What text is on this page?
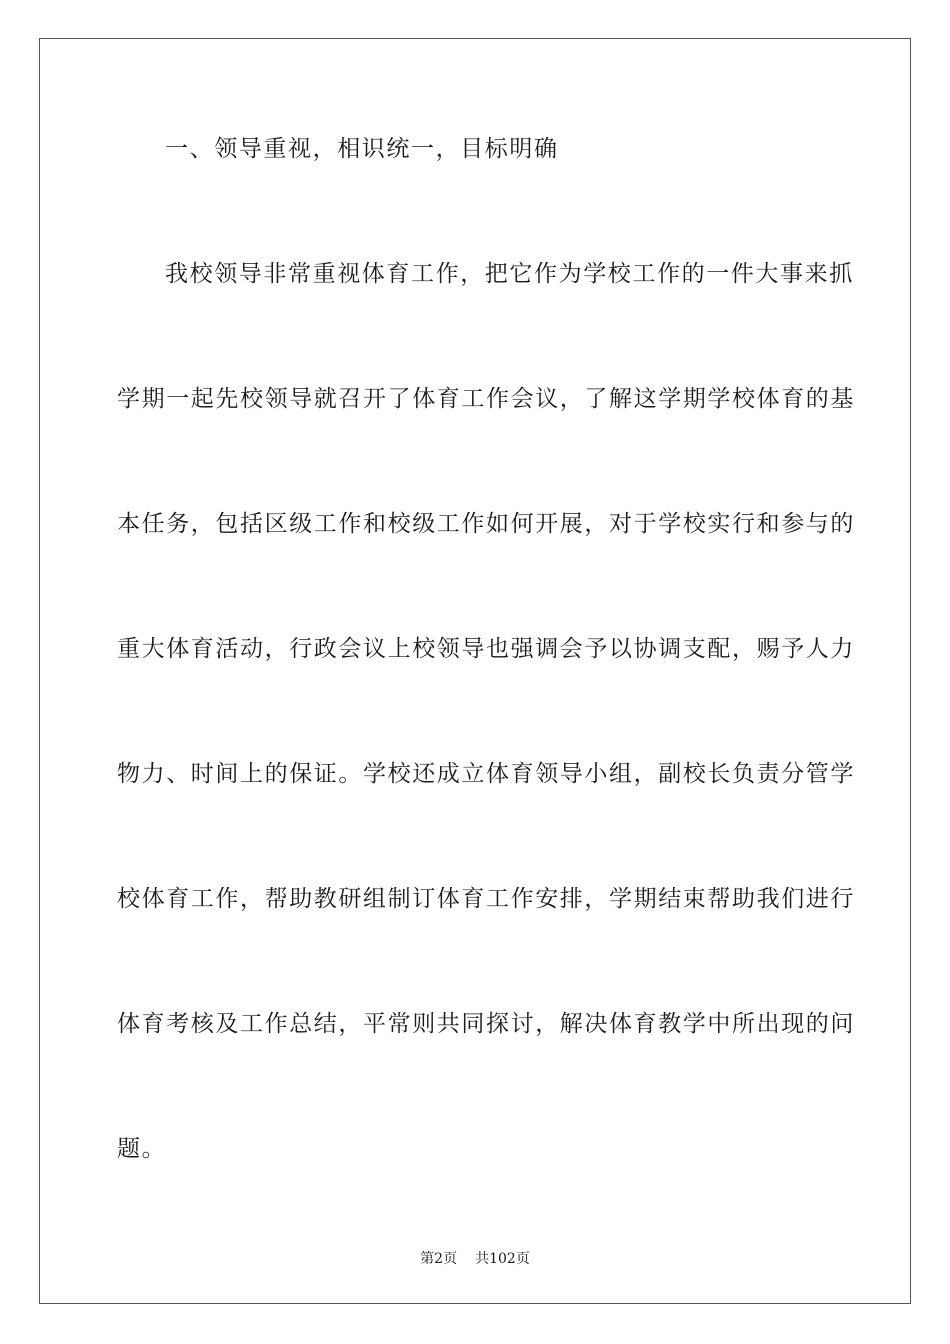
一、领导重视，相识统一，目标明确
我校领导非常重视体育工作，把它作为学校工作的一件大事来抓
学期一起先校领导就召开了体育工作会议，了解这学期学校体育的基
本任务，包括区级工作和校级工作如何开展，对于学校实行和参与的
重大体育活动，行政会议上校领导也强调会予以协调支配，赐予人力
物力、时间上的保证。学校还成立体育领导小组，副校长负责分管学
校体育工作，帮助教研组制订体育工作安排，学期结束帮助我们进行
体育考核及工作总结，平常则共同探讨，解决体育教学中所出现的问
题。
第2页 共102页
